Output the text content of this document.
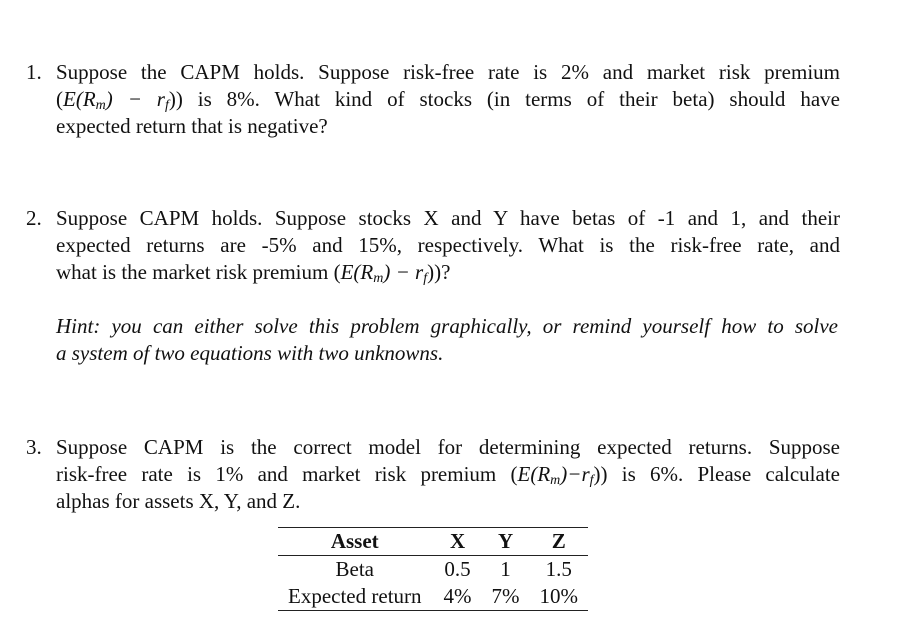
1. Suppose the CAPM holds. Suppose risk-free rate is 2% and market risk premium
$(E(R_m) - r_f)$) is 8%. What kind of stocks (in terms of their beta) should have
expected return that is negative?
2. Suppose CAPM holds. Suppose stocks X and Y have betas of -1 and 1, and their
expected returns are -5% and 15%, respectively. What is the risk-free rate, and
what is the market risk premium $(E(R_m) - r_f)$)?
Hint: you can either solve this problem graphically, or remind yourself how to solve
a system of two equations with two unknowns.
3. Suppose CAPM is the correct model for determining expected returns. Suppose
risk-free rate is 1% and market risk premium $(E(R_m)-r_f)$) is 6%. Please calculate
alphas for assets X, Y, and Z.
Asset	X	Y	Z
Beta	0.5	1	1.5
Expected return	4%	7%	10%
